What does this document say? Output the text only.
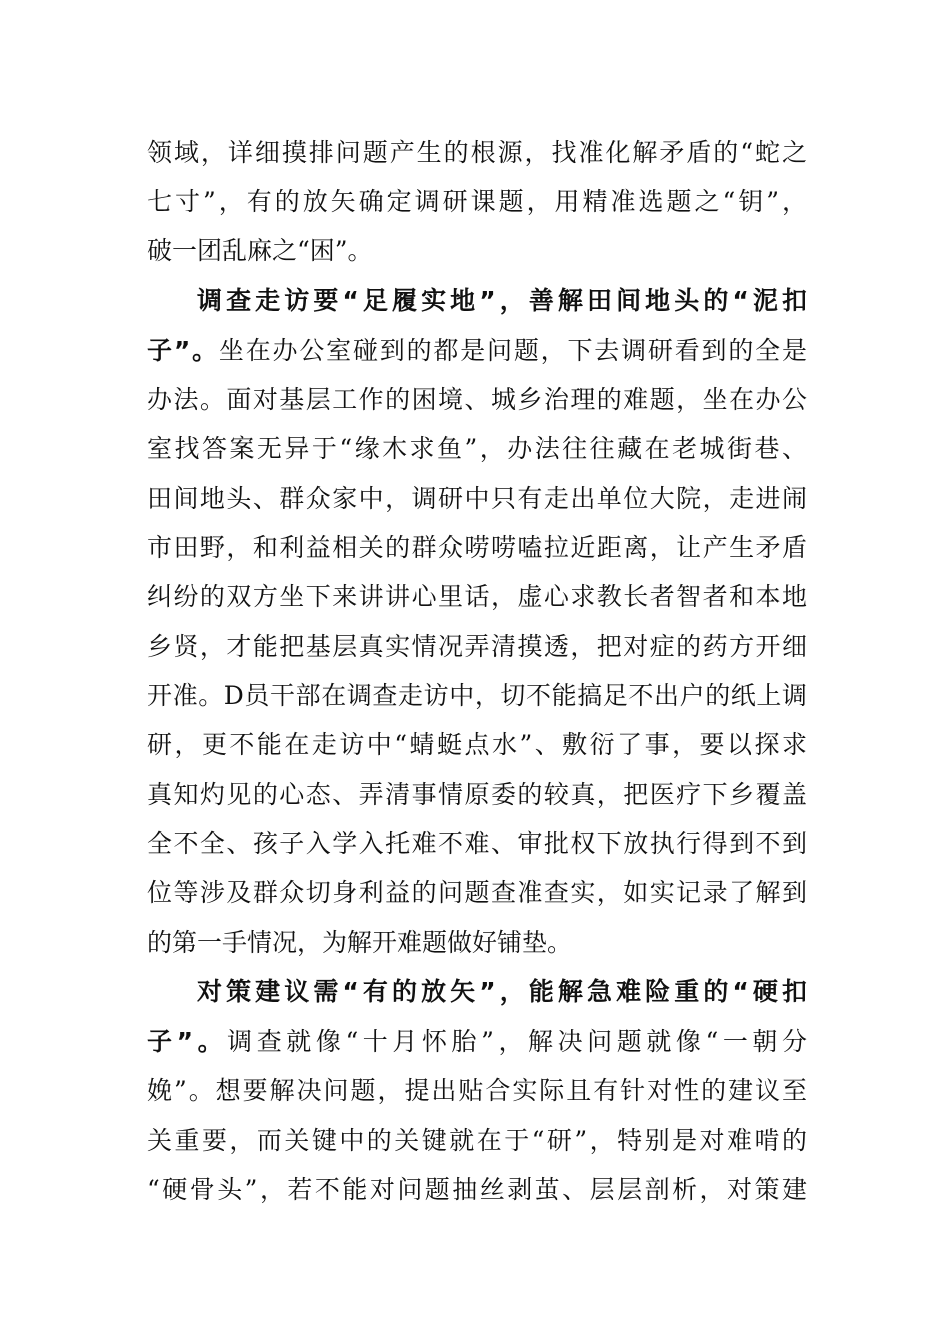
领域，详细摸排问题产生的根源，找准化解矛盾的“蛇之
七寸”，有的放矢确定调研课题，用精准选题之“钥”，
破一团乱麻之“困”。
调查走访要“足履实地”，善解田间地头的“泥扣
子”。坐在办公室碰到的都是问题，下去调研看到的全是
办法。面对基层工作的困境、城乡治理的难题，坐在办公
室找答案无异于“缘木求鱼”，办法往往藏在老城街巷、
田间地头、群众家中，调研中只有走出单位大院，走进闹
市田野，和利益相关的群众唠唠嗑拉近距离，让产生矛盾
纠纷的双方坐下来讲讲心里话，虚心求教长者智者和本地
乡贤，才能把基层真实情况弄清摸透，把对症的药方开细
开准。D员干部在调查走访中，切不能搞足不出户的纸上调
研，更不能在走访中“蜻蜓点水”、敷衍了事，要以探求
真知灼见的心态、弄清事情原委的较真，把医疗下乡覆盖
全不全、孩子入学入托难不难、审批权下放执行得到不到
位等涉及群众切身利益的问题查准查实，如实记录了解到
的第一手情况，为解开难题做好铺垫。
对策建议需“有的放矢”，能解急难险重的“硬扣
子”。调查就像“十月怀胎”，解决问题就像“一朝分
娩”。想要解决问题，提出贴合实际且有针对性的建议至
关重要，而关键中的关键就在于“研”，特别是对难啃的
“硬骨头”，若不能对问题抽丝剥茧、层层剖析，对策建
